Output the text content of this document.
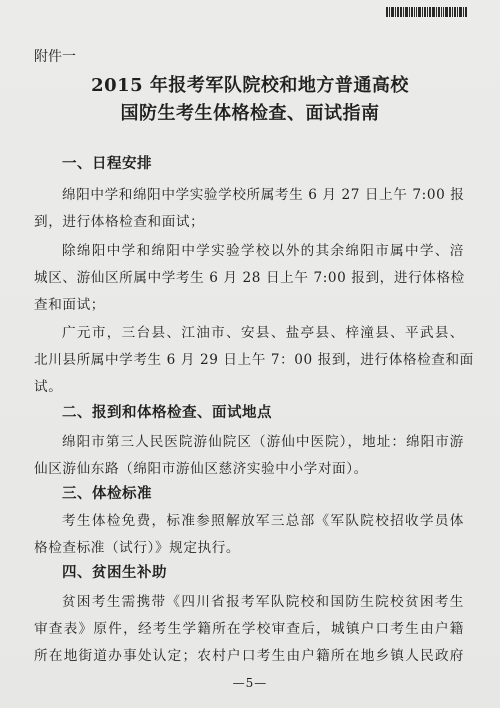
附件一
2015 年报考军队院校和地方普通高校
国防生考生体格检查、面试指南
一、日程安排
绵阳中学和绵阳中学实验学校所属考生 6 月 27 日上午 7:00 报
到，进行体格检查和面试；
除绵阳中学和绵阳中学实验学校以外的其余绵阳市属中学、涪
城区、游仙区所属中学考生 6 月 28 日上午 7:00 报到，进行体格检
查和面试；
广元市，三台县、江油市、安县、盐亭县、梓潼县、平武县、
北川县所属中学考生 6 月 29 日上午 7：00 报到，进行体格检查和面
试。
二、报到和体格检查、面试地点
绵阳市第三人民医院游仙院区（游仙中医院），地址：绵阳市游
仙区游仙东路（绵阳市游仙区慈济实验中小学对面）。
三、体检标准
考生体检免费，标准参照解放军三总部《军队院校招收学员体
格检查标准（试行）》规定执行。
四、贫困生补助
贫困考生需携带《四川省报考军队院校和国防生院校贫困考生
审查表》原件，经考生学籍所在学校审查后，城镇户口考生由户籍
所在地街道办事处认定；农村户口考生由户籍所在地乡镇人民政府
—5—
